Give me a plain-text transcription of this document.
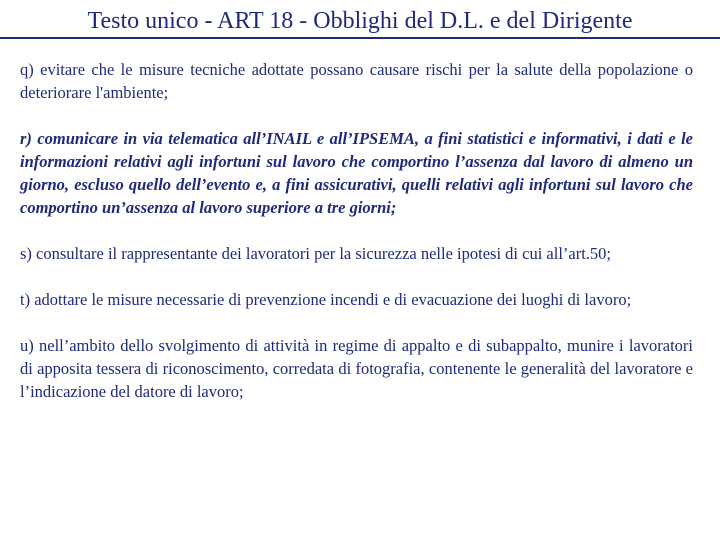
Testo unico - ART 18 - Obblighi del D.L. e del Dirigente

q) evitare che le misure tecniche adottate possano causare rischi per la salute della popolazione o deteriorare l'ambiente;

r) comunicare in via telematica all’INAIL e all’IPSEMA, a fini statistici e informativi, i dati e le informazioni relativi agli infortuni sul lavoro che comportino l’assenza dal lavoro di almeno un giorno, escluso quello dell’evento e, a fini assicurativi, quelli relativi agli infortuni sul lavoro che comportino un’assenza al lavoro superiore a tre giorni;

s) consultare il rappresentante dei lavoratori per la sicurezza nelle ipotesi di cui all’art.50;

t) adottare le misure necessarie di prevenzione incendi e di evacuazione dei luoghi di lavoro;

u) nell’ambito dello svolgimento di attività in regime di appalto e di subappalto, munire i lavoratori di apposita tessera di riconoscimento, corredata di fotografia, contenente le generalità del lavoratore e l’indicazione del datore di lavoro;
